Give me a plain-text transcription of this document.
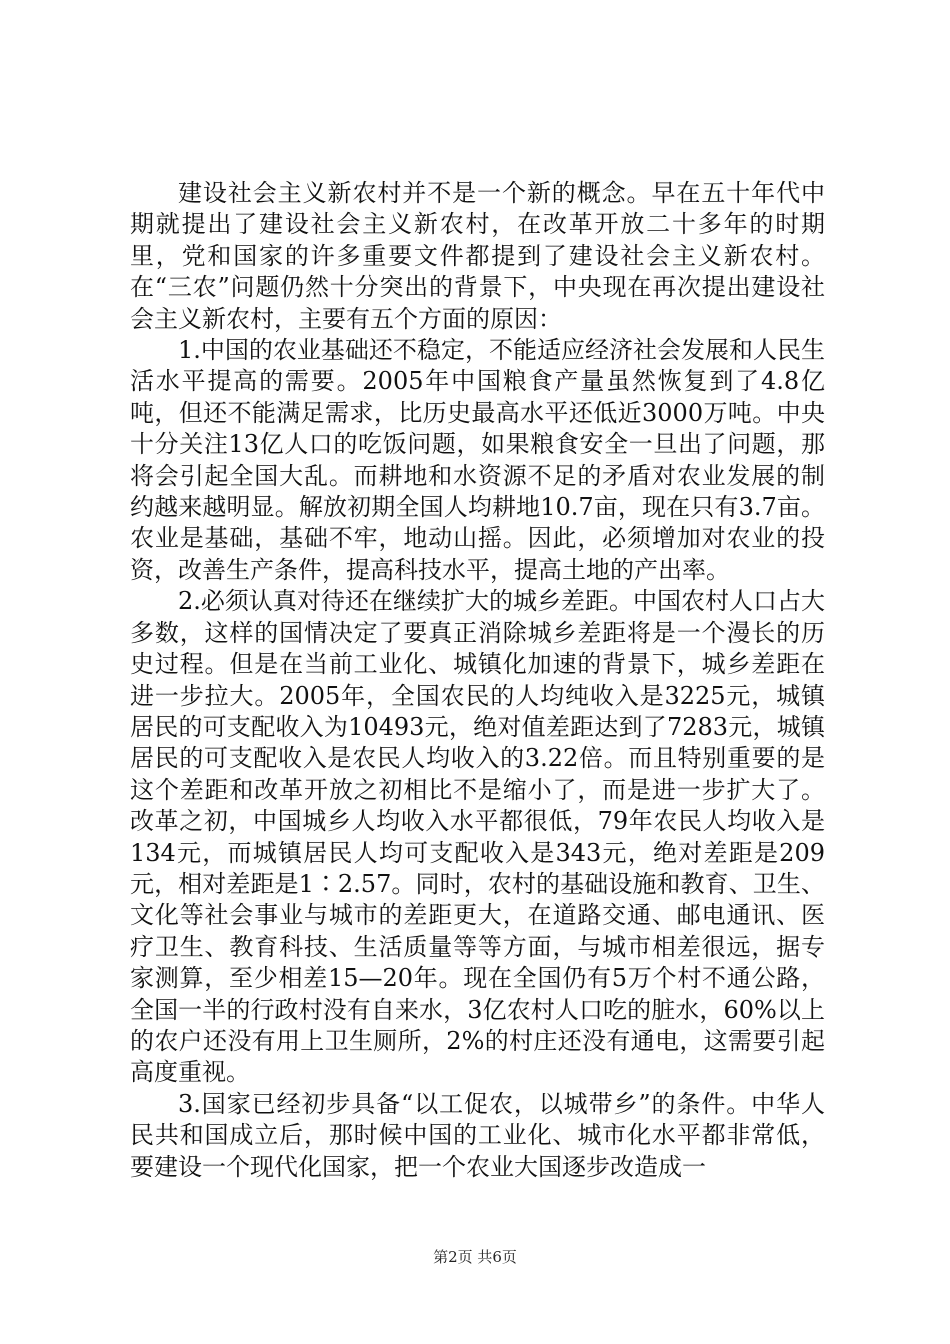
建设社会主义新农村并不是一个新的概念。早在五十年代中期就提出了建设社会主义新农村，在改革开放二十多年的时期里，党和国家的许多重要文件都提到了建设社会主义新农村。在“三农”问题仍然十分突出的背景下，中央现在再次提出建设社会主义新农村，主要有五个方面的原因：

1.中国的农业基础还不稳定，不能适应经济社会发展和人民生活水平提高的需要。2005年中国粮食产量虽然恢复到了4.8亿吨，但还不能满足需求，比历史最高水平还低近3000万吨。中央十分关注13亿人口的吃饭问题，如果粮食安全一旦出了问题，那将会引起全国大乱。而耕地和水资源不足的矛盾对农业发展的制约越来越明显。解放初期全国人均耕地10.7亩，现在只有3.7亩。农业是基础，基础不牢，地动山摇。因此，必须增加对农业的投资，改善生产条件，提高科技水平，提高土地的产出率。

2.必须认真对待还在继续扩大的城乡差距。中国农村人口占大多数，这样的国情决定了要真正消除城乡差距将是一个漫长的历史过程。但是在当前工业化、城镇化加速的背景下，城乡差距在进一步拉大。2005年，全国农民的人均纯收入是3225元，城镇居民的可支配收入为10493元，绝对值差距达到了7283元，城镇居民的可支配收入是农民人均收入的3.22倍。而且特别重要的是这个差距和改革开放之初相比不是缩小了，而是进一步扩大了。改革之初，中国城乡人均收入水平都很低，79年农民人均收入是134元，而城镇居民人均可支配收入是343元，绝对差距是209元，相对差距是1∶2.57。同时，农村的基础设施和教育、卫生、文化等社会事业与城市的差距更大，在道路交通、邮电通讯、医疗卫生、教育科技、生活质量等等方面，与城市相差很远，据专家测算，至少相差15—20年。现在全国仍有5万个村不通公路，全国一半的行政村没有自来水，3亿农村人口吃的脏水，60%以上的农户还没有用上卫生厕所，2%的村庄还没有通电，这需要引起高度重视。

3.国家已经初步具备“以工促农，以城带乡”的条件。中华人民共和国成立后，那时候中国的工业化、城市化水平都非常低，要建设一个现代化国家，把一个农业大国逐步改造成一

第2页 共6页
